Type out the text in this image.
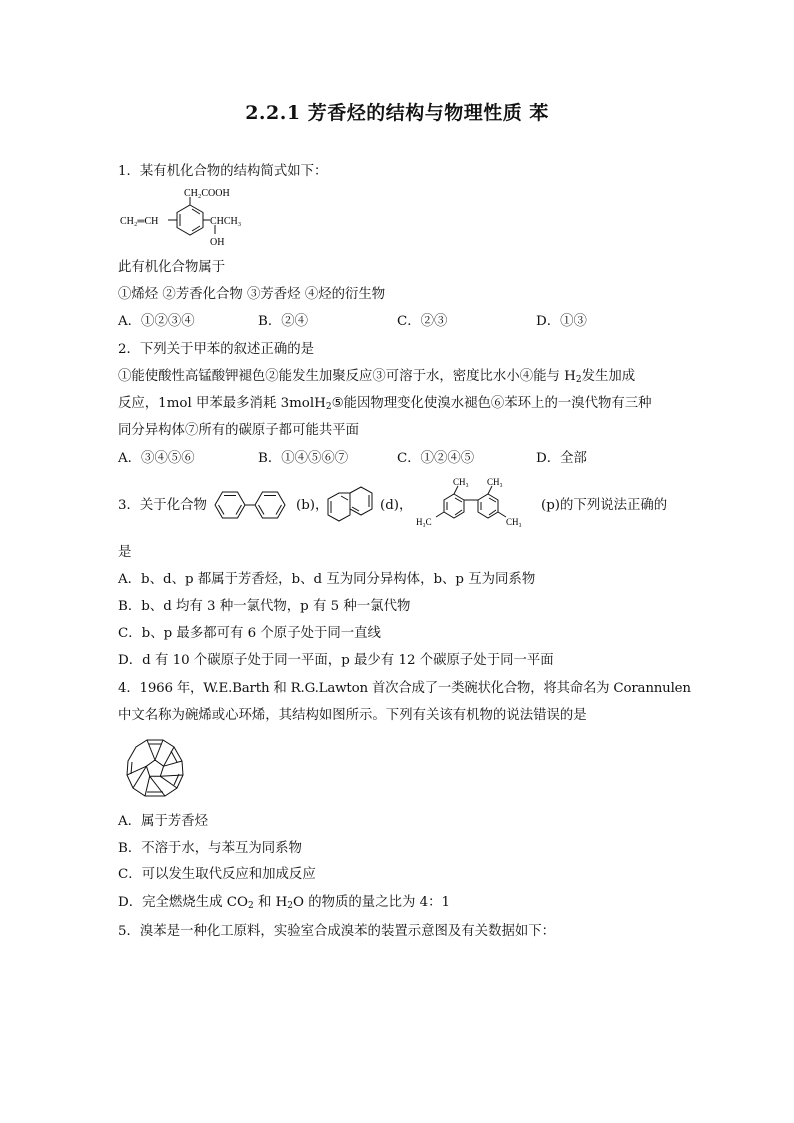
2.2.1 芳香烃的结构与物理性质 苯
1．某有机化合物的结构简式如下：
CH₂COOH
CH₂═CH	CHCH₃
OH
此有机化合物属于
①烯烃 ②芳香化合物 ③芳香烃 ④烃的衍生物
A．①②③④	B．②④	C．②③	D．①③
2．下列关于甲苯的叙述正确的是
①能使酸性高锰酸钾褪色②能发生加聚反应③可溶于水，密度比水小④能与 $H_2$发生加成
反应，1mol 甲苯最多消耗 3molH$_2$⑤能因物理变化使溴水褪色⑥苯环上的一溴代物有三种
同分异构体⑦所有的碳原子都可能共平面
A．③④⑤⑥	B．①④⑤⑥⑦	C．①②④⑤	D．全部
3．关于化合物	(b)，	(d)，
CH₃ CH₃
H₃C	CH₃
(p)的下列说法正确的
是
A．b、d、p 都属于芳香烃，b、d 互为同分异构体，b、p 互为同系物
B．b、d 均有 3 种一氯代物，p 有 5 种一氯代物
C．b、p 最多都可有 6 个原子处于同一直线
D．d 有 10 个碳原子处于同一平面，p 最少有 12 个碳原子处于同一平面
4．1966 年，W.E.Barth 和 R.G.Lawton 首次合成了一类碗状化合物，将其命名为 Corannulen
中文名称为碗烯或心环烯，其结构如图所示。下列有关该有机物的说法错误的是
A．属于芳香烃
B．不溶于水，与苯互为同系物
C．可以发生取代反应和加成反应
D．完全燃烧生成 $CO_2$ 和 $H_2O$ 的物质的量之比为 4：1
5．溴苯是一种化工原料，实验室合成溴苯的装置示意图及有关数据如下：
